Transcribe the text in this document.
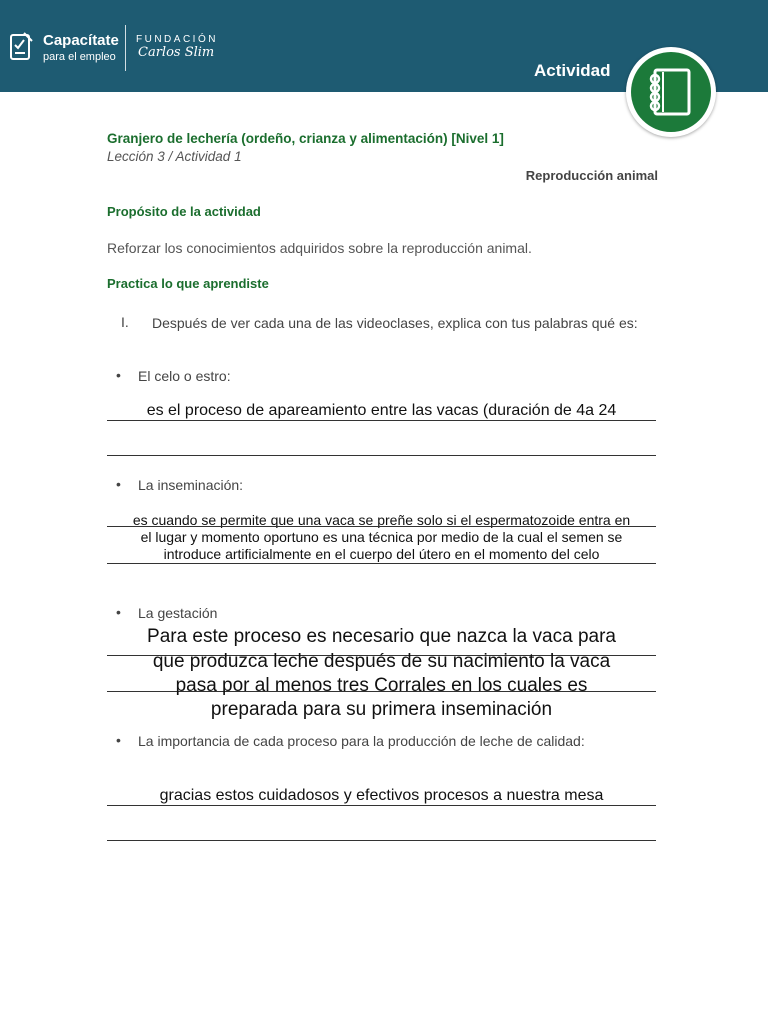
Capacítate
para el empleo
FUNDACIÓN
Carlos Slim
Actividad
Granjero de lechería (ordeño, crianza y alimentación) [Nivel 1]
Lección 3 / Actividad 1
Reproducción animal
Propósito de la actividad
Reforzar los conocimientos adquiridos sobre la reproducción animal.
Practica lo que aprendiste
I. Después de ver cada una de las videoclases, explica con tus palabras qué es:
• El celo o estro:
es el proceso de apareamiento entre las vacas (duración de 4a 24
• La inseminación:
es cuando se permite que una vaca se preñe solo si el espermatozoide entra en
el lugar y momento oportuno es una técnica por medio de la cual el semen se
introduce artificialmente en el cuerpo del útero en el momento del celo
• La gestación
Para este proceso es necesario que nazca la vaca para
que produzca leche después de su nacimiento la vaca
pasa por al menos tres Corrales en los cuales es
preparada para su primera inseminación
• La importancia de cada proceso para la producción de leche de calidad:
gracias estos cuidadosos y efectivos procesos a nuestra mesa
